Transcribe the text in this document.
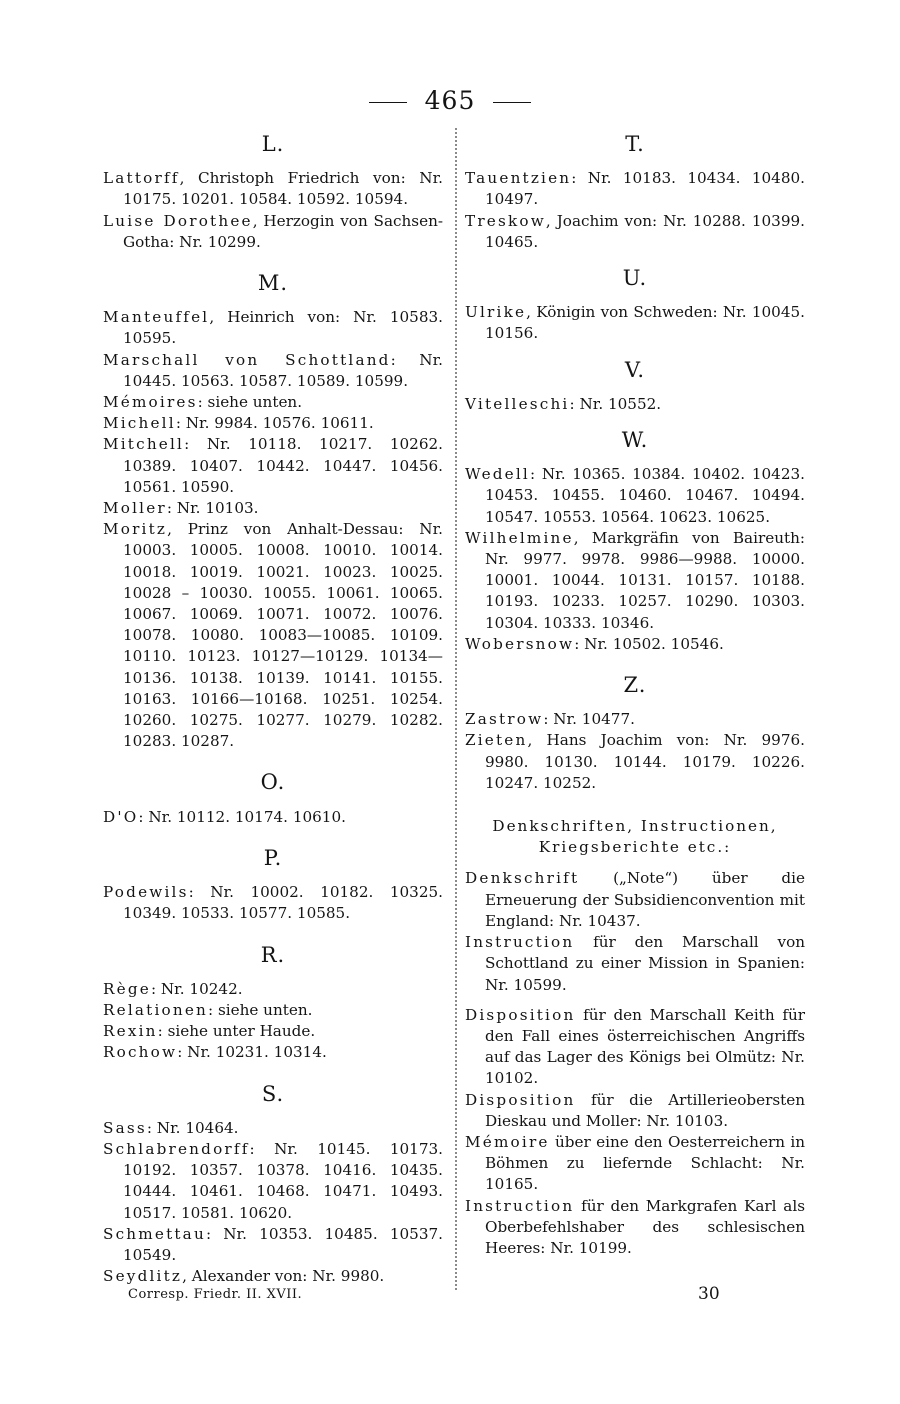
465
L.

Lattorff, Christoph Friedrich von: Nr. 10175. 10201. 10584. 10592. 10594.

Luise Dorothee, Herzogin von Sachsen-Gotha: Nr. 10299.

M.

Manteuffel, Heinrich von: Nr. 10583. 10595.

Marschall von Schottland: Nr. 10445. 10563. 10587. 10589. 10599.

Mémoires: siehe unten.

Michell: Nr. 9984. 10576. 10611.

Mitchell: Nr. 10118. 10217. 10262. 10389. 10407. 10442. 10447. 10456. 10561. 10590.

Moller: Nr. 10103.

Moritz, Prinz von Anhalt-Dessau: Nr. 10003. 10005. 10008. 10010. 10014. 10018. 10019. 10021. 10023. 10025. 10028 – 10030. 10055. 10061. 10065. 10067. 10069. 10071. 10072. 10076. 10078. 10080. 10083—10085. 10109. 10110. 10123. 10127—10129. 10134—10136. 10138. 10139. 10141. 10155. 10163. 10166—10168. 10251. 10254. 10260. 10275. 10277. 10279. 10282. 10283. 10287.

O.

D'O: Nr. 10112. 10174. 10610.

P.

Podewils: Nr. 10002. 10182. 10325. 10349. 10533. 10577. 10585.

R.

Rège: Nr. 10242.

Relationen: siehe unten.

Rexin: siehe unter Haude.

Rochow: Nr. 10231. 10314.

S.

Sass: Nr. 10464.

Schlabrendorff: Nr. 10145. 10173. 10192. 10357. 10378. 10416. 10435. 10444. 10461. 10468. 10471. 10493. 10517. 10581. 10620.

Schmettau: Nr. 10353. 10485. 10537. 10549.

Seydlitz, Alexander von: Nr. 9980.

T.

Tauentzien: Nr. 10183. 10434. 10480. 10497.

Treskow, Joachim von: Nr. 10288. 10399. 10465.

U.

Ulrike, Königin von Schweden: Nr. 10045. 10156.

V.

Vitelleschi: Nr. 10552.

W.

Wedell: Nr. 10365. 10384. 10402. 10423. 10453. 10455. 10460. 10467. 10494. 10547. 10553. 10564. 10623. 10625.

Wilhelmine, Markgräfin von Baireuth: Nr. 9977. 9978. 9986—9988. 10000. 10001. 10044. 10131. 10157. 10188. 10193. 10233. 10257. 10290. 10303. 10304. 10333. 10346.

Wobersnow: Nr. 10502. 10546.

Z.

Zastrow: Nr. 10477.

Zieten, Hans Joachim von: Nr. 9976. 9980. 10130. 10144. 10179. 10226. 10247. 10252.

Denkschriften, Instructionen,
Kriegsberichte etc.:

Denkschrift („Note“) über die Erneuerung der Subsidienconvention mit England: Nr. 10437.

Instruction für den Marschall von Schottland zu einer Mission in Spanien: Nr. 10599.

Disposition für den Marschall Keith für den Fall eines österreichischen Angriffs auf das Lager des Königs bei Olmütz: Nr. 10102.

Disposition für die Artillerieobersten Dieskau und Moller: Nr. 10103.

Mémoire über eine den Oesterreichern in Böhmen zu liefernde Schlacht: Nr. 10165.

Instruction für den Markgrafen Karl als Oberbefehlshaber des schlesischen Heeres: Nr. 10199.

Corresp. Friedr. II. XVII.	30
